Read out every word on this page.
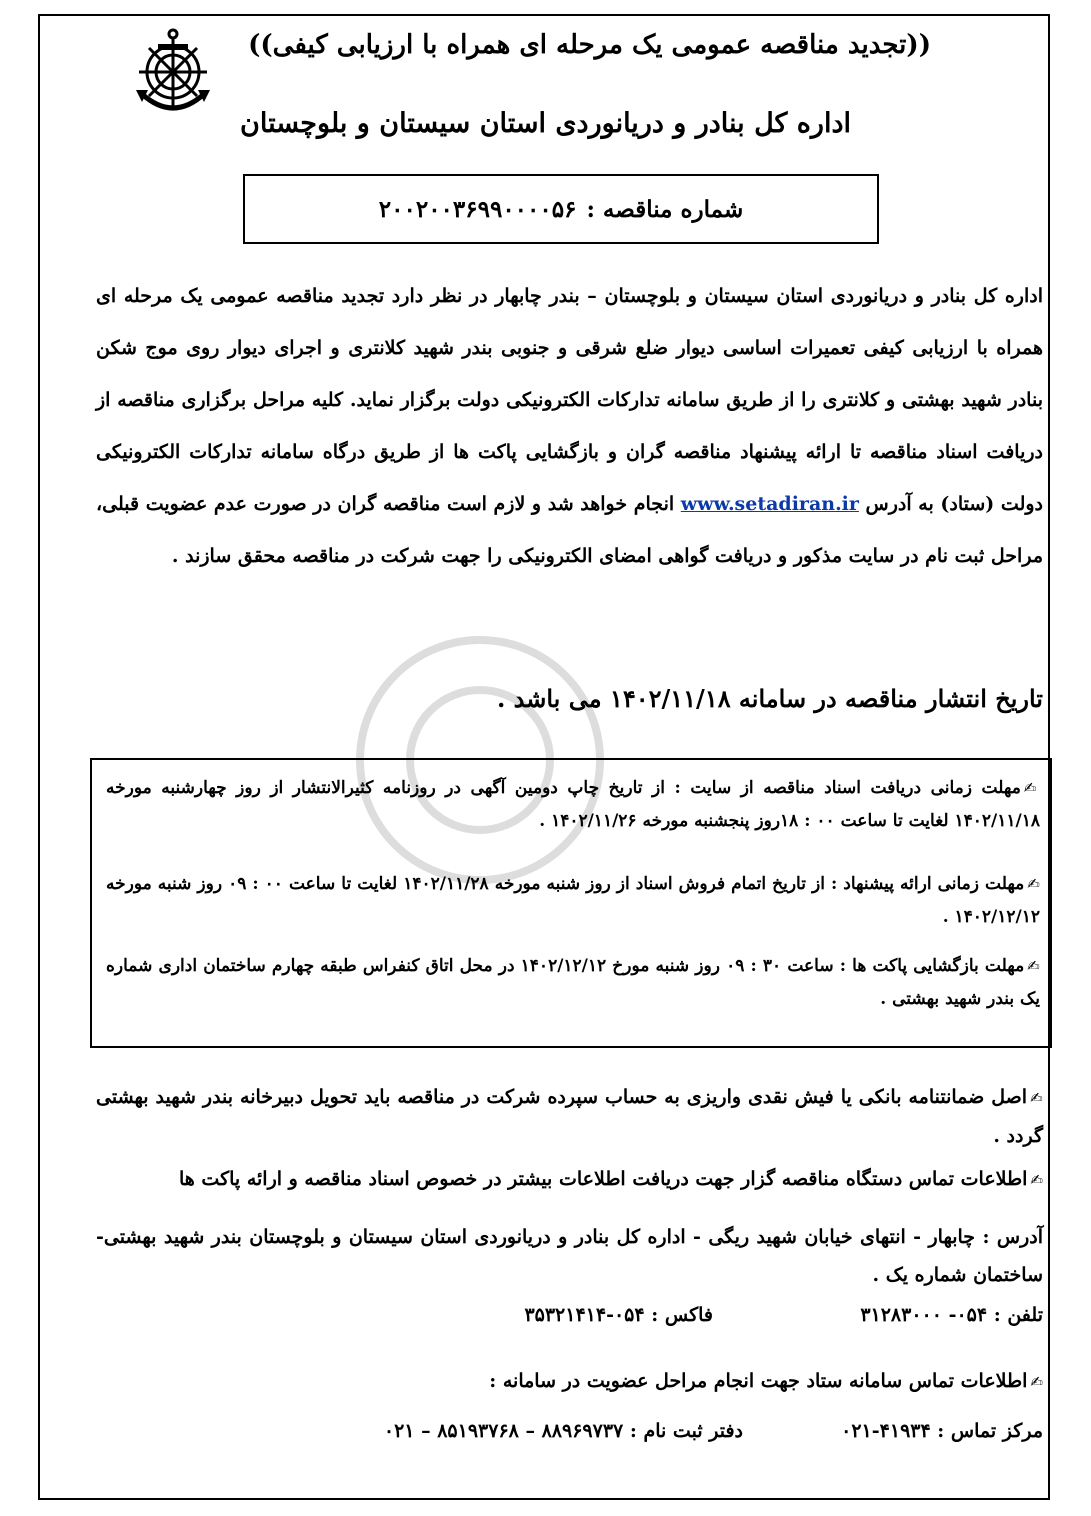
((تجدید مناقصه عمومی یک مرحله ای همراه با ارزیابی کیفی))
اداره کل بنادر و دریانوردی استان سیستان و بلوچستان
شماره مناقصه :
۲۰۰۲۰۰۳۶۹۹۰۰۰۰۵۶
اداره کل بنادر و دریانوردی استان سیستان و بلوچستان – بندر چابهار در نظر دارد تجدید مناقصه عمومی یک مرحله ای همراه با ارزیابی کیفی تعمیرات اساسی دیوار ضلع شرقی و جنوبی بندر شهید کلانتری و اجرای دیوار روی موج شکن بنادر شهید بهشتی و کلانتری را از طریق سامانه تدارکات الکترونیکی دولت برگزار نماید. کلیه مراحل برگزاری مناقصه از دریافت اسناد مناقصه تا ارائه پیشنهاد مناقصه گران و بازگشایی پاکت ها از طریق درگاه سامانه تدارکات الکترونیکی دولت (ستاد) به آدرس www.setadiran.ir انجام خواهد شد و لازم است مناقصه گران در صورت عدم عضویت قبلی، مراحل ثبت نام در سایت مذکور و دریافت گواهی امضای الکترونیکی را جهت شرکت در مناقصه محقق سازند .
تاریخ انتشار مناقصه در سامانه ۱۴۰۲/۱۱/۱۸ می باشد .
✍مهلت زمانی دریافت اسناد مناقصه از سایت : از تاریخ چاپ دومین آگهی در روزنامه کثیرالانتشار از روز چهارشنبه مورخه ۱۴۰۲/۱۱/۱۸ لغایت تا ساعت ۰۰ : ۱۸روز پنجشنبه مورخه ۱۴۰۲/۱۱/۲۶ .
✍مهلت زمانی ارائه پیشنهاد : از تاریخ اتمام فروش اسناد از روز شنبه مورخه ۱۴۰۲/۱۱/۲۸ لغایت تا ساعت ۰۰ : ۰۹ روز شنبه مورخه ۱۴۰۲/۱۲/۱۲ .
✍مهلت بازگشایی پاکت ها : ساعت ۳۰ : ۰۹ روز شنبه مورخ ۱۴۰۲/۱۲/۱۲ در محل اتاق کنفراس طبقه چهارم ساختمان اداری شماره یک بندر شهید بهشتی .
✍اصل ضمانتنامه بانکی یا فیش نقدی واریزی به حساب سپرده شرکت در مناقصه باید تحویل دبیرخانه بندر شهید بهشتی گردد .
✍اطلاعات تماس دستگاه مناقصه گزار جهت دریافت اطلاعات بیشتر در خصوص اسناد مناقصه و ارائه پاکت ها
آدرس : چابهار - انتهای خیابان شهید ریگی - اداره کل بنادر و دریانوردی استان سیستان و بلوچستان بندر شهید بهشتی- ساختمان شماره یک .
تلفن : ۰۵۴- ۳۱۲۸۳۰۰۰
فاکس : ۰۵۴-۳۵۳۲۱۴۱۴
✍اطلاعات تماس سامانه ستاد جهت انجام مراحل عضویت در سامانه :
مرکز تماس : ۴۱۹۳۴-۰۲۱
دفتر ثبت نام : ۸۸۹۶۹۷۳۷ – ۸۵۱۹۳۷۶۸ – ۰۲۱
